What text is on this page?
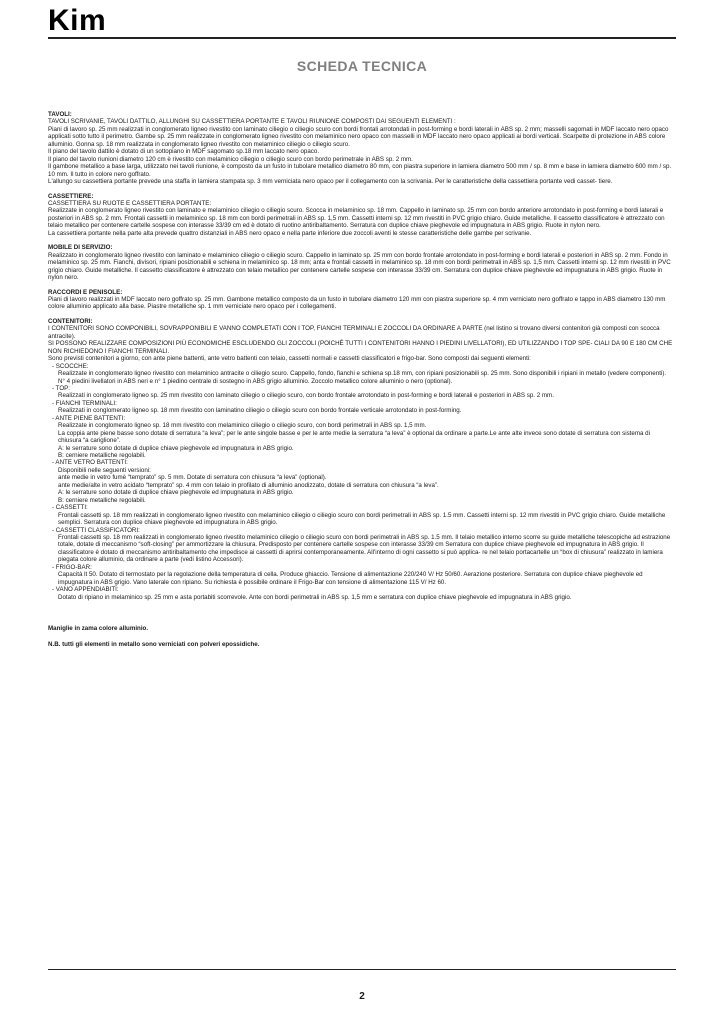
Kim
SCHEDA TECNICA
TAVOLI:
TAVOLI SCRIVANIE, TAVOLI DATTILO, ALLUNGHI SU CASSETTIERA PORTANTE E TAVOLI RIUNIONE COMPOSTI DAI SEGUENTI ELEMENTI :
Piani di lavoro sp. 25 mm realizzati in conglomerato ligneo rivestito con laminato ciliegio o ciliegio scuro con bordi frontali arrotondati in post-forming e bordi laterali in ABS sp. 2 mm; masselli sagomati in MDF laccato nero opaco applicati sotto tutto il perimetro. Gambe sp. 25 mm realizzate in conglomerato ligneo rivestito con melaminico nero opaco con masselli in MDF laccato nero opaco applicati ai bordi verticali. Scarpette di protezione in ABS colore alluminio. Gonna sp. 18 mm realizzata in conglomerato ligneo rivestito con melaminico ciliegio o ciliegio scuro.
Il piano del tavolo dattilo è dotato di un sottopiano in MDF sagomato sp.18 mm laccato nero opaco.
Il piano del tavolo riunioni diametro 120 cm è rivestito con melaminico ciliegio o ciliegio scuro con bordo perimetrale in ABS sp. 2 mm.
Il gambone metallico a base larga, utilizzato nei tavoli riunione, è composto da un fusto in tubolare metallico diametro 80 mm, con piastra superiore in lamiera diametro 500 mm / sp. 8 mm e base in lamiera diametro 600 mm / sp. 10 mm. Il tutto in colore nero goffrato.
L'allungo su cassettiera portante prevede una staffa in lamiera stampata sp. 3 mm verniciata nero opaco per il collegamento con la scrivania. Per le caratteristiche della cassettiera portante vedi casset- tiere.
CASSETTIERE:
CASSETTIERA SU RUOTE E CASSETTIERA PORTANTE:
Realizzate in conglomerato ligneo rivestito con laminato e melaminico ciliegio o ciliegio scuro. Scocca in melaminico sp. 18 mm. Cappello in laminato sp. 25 mm con bordo anteriore arrotondato in post-forming e bordi laterali e posteriori in ABS sp. 2 mm. Frontali cassetti in melaminico sp. 18 mm con bordi perimetrali in ABS sp. 1,5 mm. Cassetti interni sp. 12 mm rivestiti in PVC grigio chiaro. Guide metalliche. Il cassetto classificatore è attrezzato con telaio metallico per contenere cartelle sospese con interasse 33/39 cm ed è dotato di ruotino antiribaltamento. Serratura con duplice chiave pieghevole ed impugnatura in ABS grigio. Ruote in nylon nero.
La cassettiera portante nella parte alta prevede quattro distanziali in ABS nero opaco e nella parte inferiore due zoccoli aventi le stesse caratteristiche delle gambe per scrivanie.
MOBILE DI SERVIZIO:
Realizzato in conglomerato ligneo rivestito con laminato e melaminico ciliegio o ciliegio scuro. Cappello in laminato sp. 25 mm con bordo frontale arrotondato in post-forming e bordi laterali e posteriori in ABS sp. 2 mm. Fondo in melaminico sp. 25 mm. Fianchi, divisori, ripiani posizionabili e schiena in melaminico sp. 18 mm; anta e frontali cassetti in melaminico sp. 18 mm con bordi perimetrali in ABS sp. 1,5 mm. Cassetti interni sp. 12 mm rivestiti in PVC grigio chiaro. Guide metalliche. Il cassetto classificatore è attrezzato con telaio metallico per contenere cartelle sospese con interasse 33/39 cm. Serratura con duplice chiave pieghevole ed impugnatura in ABS grigio. Ruote in nylon nero.
RACCORDI E PENISOLE:
Piani di lavoro realizzati in MDF laccato nero goffrato sp. 25 mm. Gambone metallico composto da un fusto in tubolare diametro 120 mm con piastra superiore sp. 4 mm verniciato nero goffrato e tappo in ABS diametro 130 mm colore alluminio applicato alla base. Piastre metalliche sp. 1 mm verniciate nero opaco per i collegamenti.
CONTENITORI:
I CONTENITORI SONO COMPONIBILI, SOVRAPPONIBILI E VANNO COMPLETATI CON I TOP, FIANCHI TERMINALI E ZOCCOLI DA ORDINARE A PARTE (nel listino si trovano diversi contenitori già composti con scocca antracite).
SI POSSONO REALIZZARE COMPOSIZIONI PIÙ ECONOMICHE ESCLUDENDO GLI ZOCCOLI (POICHÉ TUTTI I CONTENITORI HANNO I PIEDINI LIVELLATORI), ED UTILIZZANDO I TOP SPE- CIALI DA 90 E 180 CM CHE NON RICHIEDONO I FIANCHI TERMINALI.
Sono previsti contenitori a giorno, con ante piene battenti, ante vetro battenti con telaio, cassetti normali e cassetti classificatori e frigo-bar. Sono composti dai seguenti elementi:
- SCOCCHE:
Realizzate in conglomerato ligneo rivestito con melaminico antracite o ciliegio scuro. Cappello, fondo, fianchi e schiena sp.18 mm, con ripiani posizionabili sp. 25 mm. Sono disponibili i ripiani in metallo (vedere componenti). N° 4 piedini livellatori in ABS neri e n° 1 piedino centrale di sostegno in ABS grigio alluminio. Zoccolo metallico colore alluminio o nero (optional).
- TOP:
Realizzati in conglomerato ligneo sp. 25 mm rivestito con laminato ciliegio o ciliegio scuro, con bordo frontale arrotondato in post-forming e bordi laterali e posteriori in ABS sp. 2 mm.
- FIANCHI TERMINALI:
Realizzati in conglomerato ligneo sp. 18 mm rivestito con laminatino ciliegio o ciliegio scuro con bordo frontale verticale arrotondato in post-forming.
- ANTE PIENE BATTENTI:
Realizzate in conglomerato ligneo sp. 18 mm rivestito con melaminico ciliegio o ciliegio scuro, con bordi perimetrali in ABS sp. 1,5 mm.
La coppia ante piene basse sono dotate di serratura “a leva”; per le ante singole basse e per le ante medie la serratura “a leva” è optional da ordinare a parte.Le ante alte invece sono dotate di serratura con sistema di chiusura “a cariglione”.
A: le serrature sono dotate di duplice chiave pieghevole ed impugnatura in ABS grigio.
B: cerniere metalliche regolabili.
- ANTE VETRO BATTENTI:
Disponibili nelle seguenti versioni:
ante medie in vetro fumè “temprato” sp. 5 mm. Dotate di serratura con chiusura “a leva” (optional).
ante medie/alte in vetro acidato “temprato” sp. 4 mm con telaio in profilato di alluminio anodizzato, dotate di serratura con chiusura “a leva”.
A: le serrature sono dotate di duplice chiave pieghevole ed impugnatura in ABS grigio.
B: cerniere metalliche regolabili.
- CASSETTI:
Frontali cassetti sp. 18 mm realizzati in conglomerato ligneo rivestito con melaminico ciliegio o ciliegio scuro con bordi perimetrali in ABS sp. 1.5 mm. Cassetti interni sp. 12 mm rivestiti in PVC grigio chiaro. Guide metalliche semplici. Serratura con duplice chiave pieghevole ed impugnatura in ABS grigio.
- CASSETTI CLASSIFICATORI:
Frontali cassetti sp. 18 mm realizzati in conglomerato ligneo rivestito melaminico ciliegio o ciliegio scuro con bordi perimetrali in ABS sp. 1.5 mm. Il telaio metallico interno scorre su guide metalliche telescopiche ad estrazione totale, dotate di meccanismo “soft-closing” per ammortizzare la chiusura. Predisposto per contenere cartelle sospese con interasse 33/39 cm Serratura con duplice chiave pieghevole ed impugnatura in ABS grigio. Il classificatore è dotato di meccanismo antiribaltamento che impedisce ai cassetti di aprirsi contemporaneamente. All'interno di ogni cassetto si può applica- re nel telaio portacartelle un “box di chiusura” realizzato in lamiera piegata colore alluminio, da ordinare a parte (vedi listino Accessori).
- FRIGO-BAR:
Capacità lt 50. Dotato di termostato per la regolazione della temperatura di cella. Produce ghiaccio. Tensione di alimentazione 220/240 V/ Hz 50/60. Aerazione posteriore. Serratura con duplice chiave pieghevole ed impugnatura in ABS grigio. Vano laterale con ripiano. Su richiesta è possibile ordinare il Frigo-Bar con tensione di alimentazione 115 V/ Hz 60.
- VANO APPENDIABITI:
Dotato di ripiano in melaminico sp. 25 mm e asta portabiti scorrevole. Ante con bordi perimetrali in ABS sp. 1,5 mm e serratura con duplice chiave pieghevole ed impugnatura in ABS grigio.
Maniglie in zama colore alluminio.
N.B. tutti gli elementi in metallo sono verniciati con polveri epossidiche.
2
